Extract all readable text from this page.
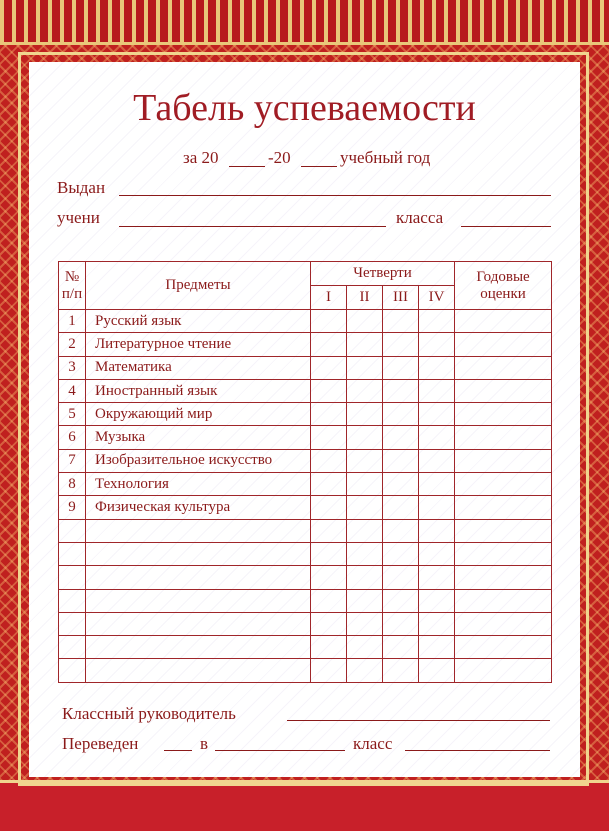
Табель успеваемости
за 20	-20	учебный год
Выдан
учени	класса
№ п/п	Предметы	Четверти				Годовые оценки
		I	II	III	IV	
1	Русский язык					
2	Литературное чтение					
3	Математика					
4	Иностранный язык					
5	Окружающий мир					
6	Музыка					
7	Изобразительное искусство					
8	Технология					
9	Физическая культура					

Классный руководитель
Переведен	в	класс
